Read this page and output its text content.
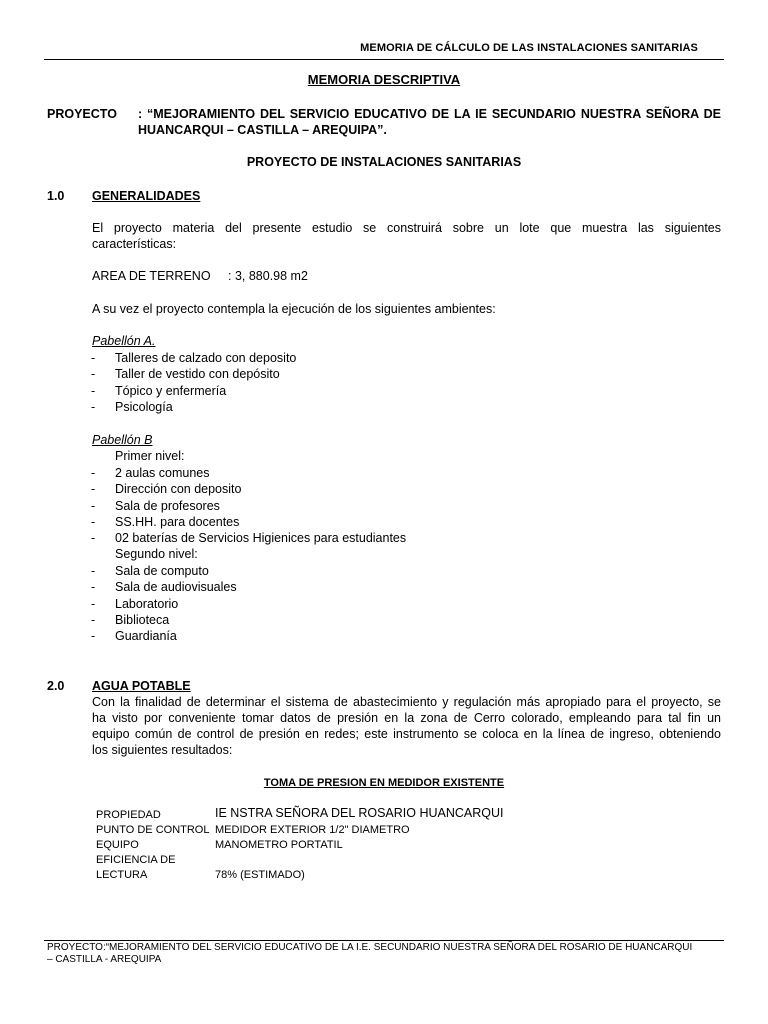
MEMORIA DE CÁLCULO DE LAS INSTALACIONES SANITARIAS
MEMORIA DESCRIPTIVA
PROYECTO : “MEJORAMIENTO DEL SERVICIO EDUCATIVO DE LA IE SECUNDARIO NUESTRA SEÑORA DE
HUANCARQUI – CASTILLA – AREQUIPA”.
PROYECTO DE INSTALACIONES SANITARIAS
1.0 GENERALIDADES
El proyecto materia del presente estudio se construirá sobre un lote que muestra las siguientes
características:
AREA DE TERRENO : 3, 880.98 m2
A su vez el proyecto contempla la ejecución de los siguientes ambientes:
Pabellón A.
- Talleres de calzado con deposito
- Taller de vestido con depósito
- Tópico y enfermería
- Psicología
Pabellón B
Primer nivel:
- 2 aulas comunes
- Dirección con deposito
- Sala de profesores
- SS.HH. para docentes
- 02 baterías de Servicios Higienices para estudiantes
Segundo nivel:
- Sala de computo
- Sala de audiovisuales
- Laboratorio
- Biblioteca
- Guardianía
2.0 AGUA POTABLE
Con la finalidad de determinar el sistema de abastecimiento y regulación más apropiado para el proyecto, se
ha visto por conveniente tomar datos de presión en la zona de Cerro colorado, empleando para tal fin un
equipo común de control de presión en redes; este instrumento se coloca en la línea de ingreso, obteniendo
los siguientes resultados:
TOMA DE PRESION EN MEDIDOR EXISTENTE
PROPIEDAD	IE NSTRA SEÑORA DEL ROSARIO HUANCARQUI
PUNTO DE CONTROL	MEDIDOR EXTERIOR 1/2" DIAMETRO
EQUIPO	MANOMETRO PORTATIL
EFICIENCIA DE	
LECTURA	78% (ESTIMADO)
PROYECTO:“MEJORAMIENTO DEL SERVICIO EDUCATIVO DE LA I.E. SECUNDARIO NUESTRA SEÑORA DEL ROSARIO DE HUANCARQUI
– CASTILLA - AREQUIPA
